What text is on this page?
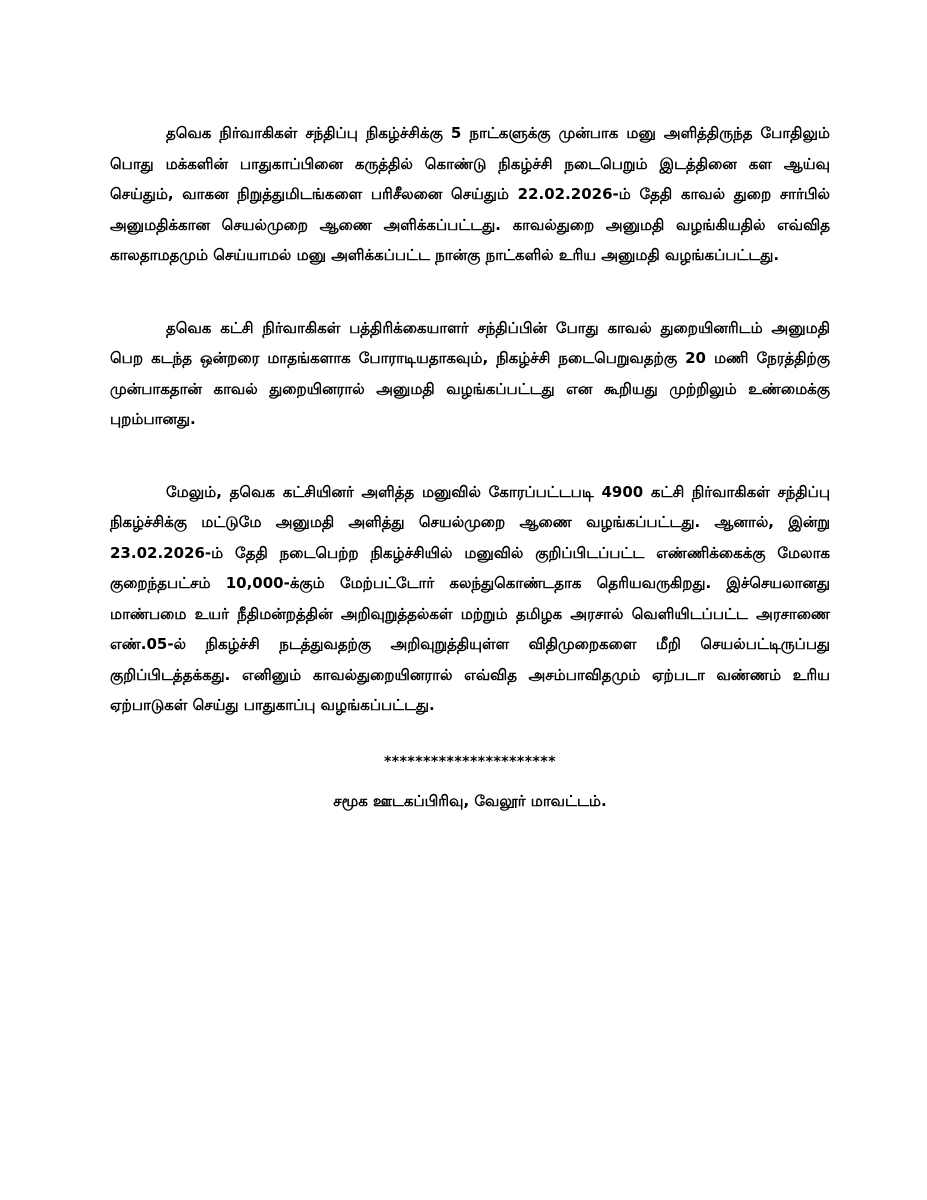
தவெக நிர்வாகிகள் சந்திப்பு நிகழ்ச்சிக்கு 5 நாட்களுக்கு முன்பாக மனு அளித்திருந்த போதிலும் பொது மக்களின் பாதுகாப்பினை கருத்தில் கொண்டு நிகழ்ச்சி நடைபெறும் இடத்தினை கள ஆய்வு செய்தும், வாகன நிறுத்துமிடங்களை பரிசீலனை செய்தும் 22.02.2026-ம் தேதி காவல் துறை சார்பில் அனுமதிக்கான செயல்முறை ஆணை அளிக்கப்பட்டது. காவல்துறை அனுமதி வழங்கியதில் எவ்வித காலதாமதமும் செய்யாமல் மனு அளிக்கப்பட்ட நான்கு நாட்களில் உரிய அனுமதி வழங்கப்பட்டது.

தவெக கட்சி நிர்வாகிகள் பத்திரிக்கையாளர் சந்திப்பின் போது காவல் துறையினரிடம் அனுமதி பெற கடந்த ஒன்றரை மாதங்களாக போராடியதாகவும், நிகழ்ச்சி நடைபெறுவதற்கு 20 மணி நேரத்திற்கு முன்பாகதான் காவல் துறையினரால் அனுமதி வழங்கப்பட்டது என கூறியது முற்றிலும் உண்மைக்கு புறம்பானது.

மேலும், தவெக கட்சியினர் அளித்த மனுவில் கோரப்பட்டபடி 4900 கட்சி நிர்வாகிகள் சந்திப்பு நிகழ்ச்சிக்கு மட்டுமே அனுமதி அளித்து செயல்முறை ஆணை வழங்கப்பட்டது. ஆனால், இன்று 23.02.2026-ம் தேதி நடைபெற்ற நிகழ்ச்சியில் மனுவில் குறிப்பிடப்பட்ட எண்ணிக்கைக்கு மேலாக குறைந்தபட்சம் 10,000-க்கும் மேற்பட்டோர் கலந்துகொண்டதாக தெரியவருகிறது. இச்செயலானது மாண்பமை உயர் நீதிமன்றத்தின் அறிவுறுத்தல்கள் மற்றும் தமிழக அரசால் வெளியிடப்பட்ட அரசாணை எண்.05-ல் நிகழ்ச்சி நடத்துவதற்கு அறிவுறுத்தியுள்ள விதிமுறைகளை மீறி செயல்பட்டிருப்பது குறிப்பிடத்தக்கது. எனினும் காவல்துறையினரால் எவ்வித அசம்பாவிதமும் ஏற்படா வண்ணம் உரிய ஏற்பாடுகள் செய்து பாதுகாப்பு வழங்கப்பட்டது.

**********************
சமூக ஊடகப்பிரிவு, வேலூர் மாவட்டம்.
